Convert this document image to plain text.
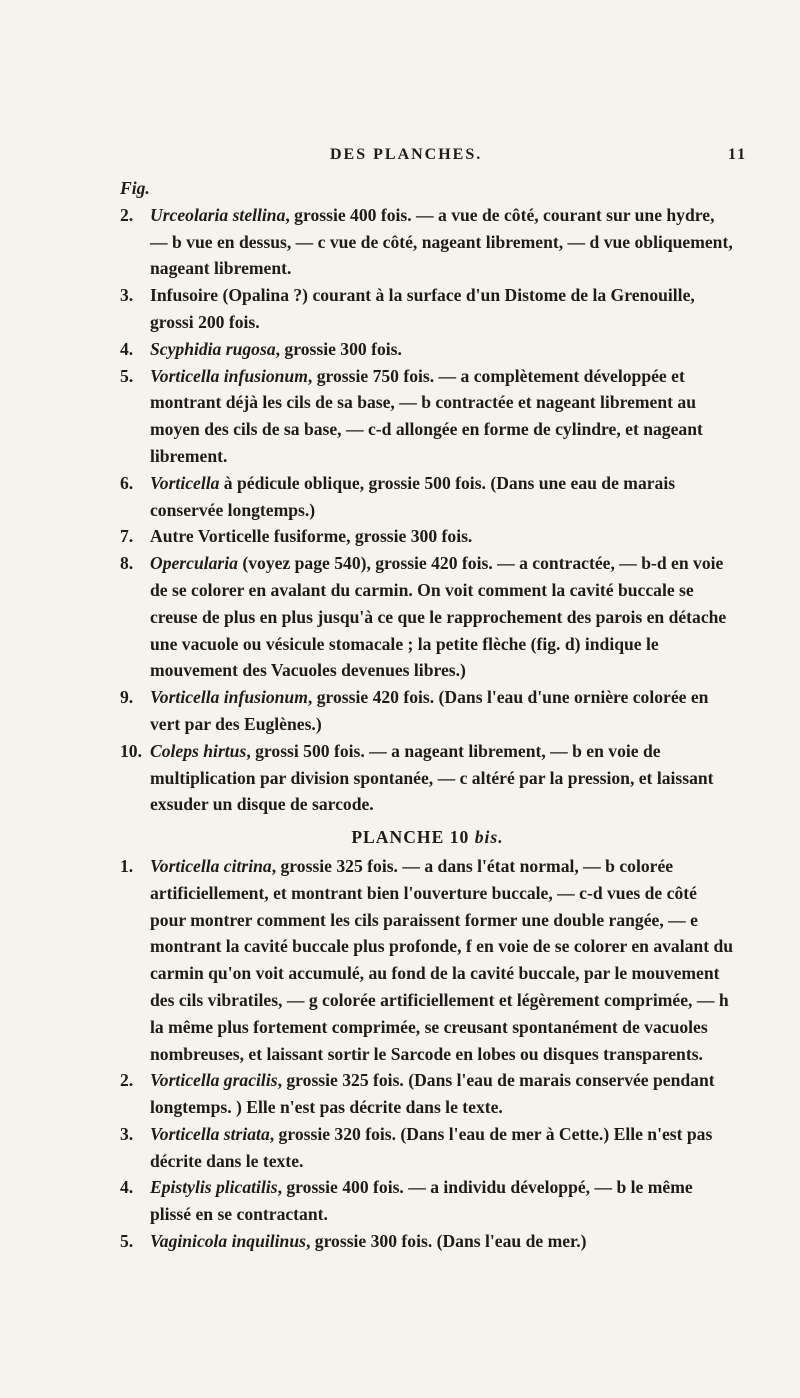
DES PLANCHES.	11
Fig.

2. Urceolaria stellina, grossie 400 fois. — a vue de côté, courant sur une hydre, — b vue en dessus, — c vue de côté, nageant librement, — d vue obliquement, nageant librement.

3. Infusoire (Opalina ?) courant à la surface d'un Distome de la Grenouille, grossi 200 fois.

4. Scyphidia rugosa, grossie 300 fois.

5. Vorticella infusionum, grossie 750 fois. — a complètement développée et montrant déjà les cils de sa base, — b contractée et nageant librement au moyen des cils de sa base, — c-d allongée en forme de cylindre, et nageant librement.

6. Vorticella à pédicule oblique, grossie 500 fois. (Dans une eau de marais conservée longtemps.)

7. Autre Vorticelle fusiforme, grossie 300 fois.

8. Opercularia (voyez page 540), grossie 420 fois. — a contractée, — b-d en voie de se colorer en avalant du carmin. On voit comment la cavité buccale se creuse de plus en plus jusqu'à ce que le rapprochement des parois en détache une vacuole ou vésicule stomacale ; la petite flèche (fig. d) indique le mouvement des Vacuoles devenues libres.)

9. Vorticella infusionum, grossie 420 fois. (Dans l'eau d'une ornière colorée en vert par des Euglènes.)

10. Coleps hirtus, grossi 500 fois. — a nageant librement, — b en voie de multiplication par division spontanée, — c altéré par la pression, et laissant exsuder un disque de sarcode.

PLANCHE 10 bis.

1. Vorticella citrina, grossie 325 fois. — a dans l'état normal, — b colorée artificiellement, et montrant bien l'ouverture buccale, — c-d vues de côté pour montrer comment les cils paraissent former une double rangée, — e montrant la cavité buccale plus profonde, f en voie de se colorer en avalant du carmin qu'on voit accumulé, au fond de la cavité buccale, par le mouvement des cils vibratiles, — g colorée artificiellement et légèrement comprimée, — h la même plus fortement comprimée, se creusant spontanément de vacuoles nombreuses, et laissant sortir le Sarcode en lobes ou disques transparents.

2. Vorticella gracilis, grossie 325 fois. (Dans l'eau de marais conservée pendant longtemps. ) Elle n'est pas décrite dans le texte.

3. Vorticella striata, grossie 320 fois. (Dans l'eau de mer à Cette.) Elle n'est pas décrite dans le texte.

4. Epistylis plicatilis, grossie 400 fois. — a individu développé, — b le même plissé en se contractant.

5. Vaginicola inquilinus, grossie 300 fois. (Dans l'eau de mer.)
